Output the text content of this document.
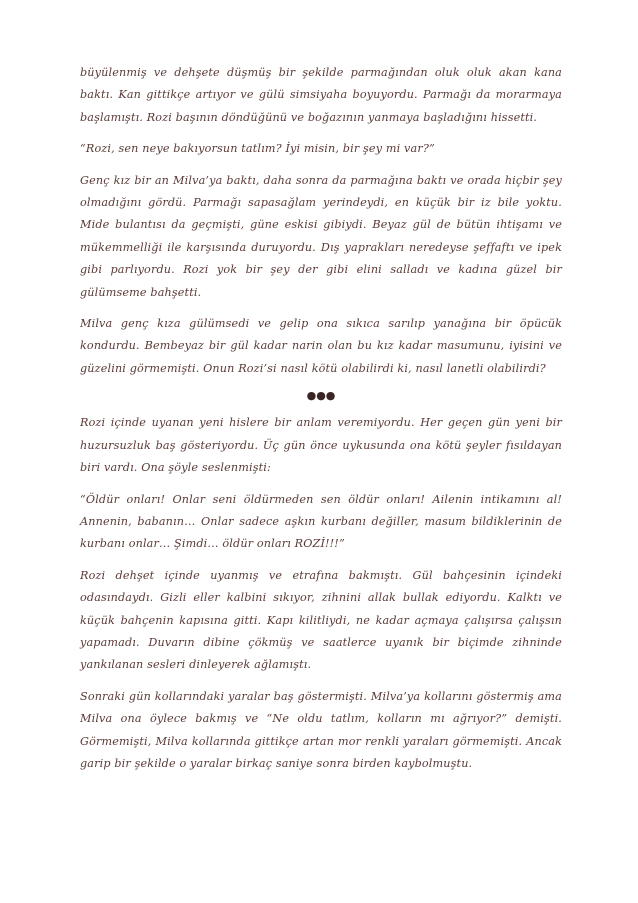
büyülenmiş ve dehşete düşmüş bir şekilde parmağından oluk oluk akan kana baktı. Kan gittikçe artıyor ve gülü simsiyaha boyuyordu. Parmağı da morarmaya başlamıştı. Rozi başının döndüğünü ve boğazının yanmaya başladığını hissetti.

“Rozi, sen neye bakıyorsun tatlım? İyi misin, bir şey mi var?”

Genç kız bir an Milva’ya baktı, daha sonra da parmağına baktı ve orada hiçbir şey olmadığını gördü. Parmağı sapasağlam yerindeydi, en küçük bir iz bile yoktu. Mide bulantısı da geçmişti, güne eskisi gibiydi. Beyaz gül de bütün ihtişamı ve mükemmelliği ile karşısında duruyordu. Dış yaprakları neredeyse şeffaftı ve ipek gibi parlıyordu. Rozi yok bir şey der gibi elini salladı ve kadına güzel bir gülümseme bahşetti.

Milva genç kıza gülümsedi ve gelip ona sıkıca sarılıp yanağına bir öpücük kondurdu. Bembeyaz bir gül kadar narin olan bu kız kadar masumunu, iyisini ve güzelini görmemişti. Onun Rozi’si nasıl kötü olabilirdi ki, nasıl lanetli olabilirdi?

●●●

Rozi içinde uyanan yeni hislere bir anlam veremiyordu. Her geçen gün yeni bir huzursuzluk baş gösteriyordu. Üç gün önce uykusunda ona kötü şeyler fısıldayan biri vardı. Ona şöyle seslenmişti:

“Öldür onları! Onlar seni öldürmeden sen öldür onları! Ailenin intikamını al! Annenin, babanın… Onlar sadece aşkın kurbanı değiller, masum bildiklerinin de kurbanı onlar… Şimdi… öldür onları ROZİ!!!”

Rozi dehşet içinde uyanmış ve etrafına bakmıştı. Gül bahçesinin içindeki odasındaydı. Gizli eller kalbini sıkıyor, zihnini allak bullak ediyordu. Kalktı ve küçük bahçenin kapısına gitti. Kapı kilitliydi, ne kadar açmaya çalışırsa çalışsın yapamadı. Duvarın dibine çökmüş ve saatlerce uyanık bir biçimde zihninde yankılanan sesleri dinleyerek ağlamıştı.

Sonraki gün kollarındaki yaralar baş göstermişti. Milva’ya kollarını göstermiş ama Milva ona öylece bakmış ve “Ne oldu tatlım, kolların mı ağrıyor?” demişti. Görmemişti, Milva kollarında gittikçe artan mor renkli yaraları görmemişti. Ancak garip bir şekilde o yaralar birkaç saniye sonra birden kaybolmuştu.
